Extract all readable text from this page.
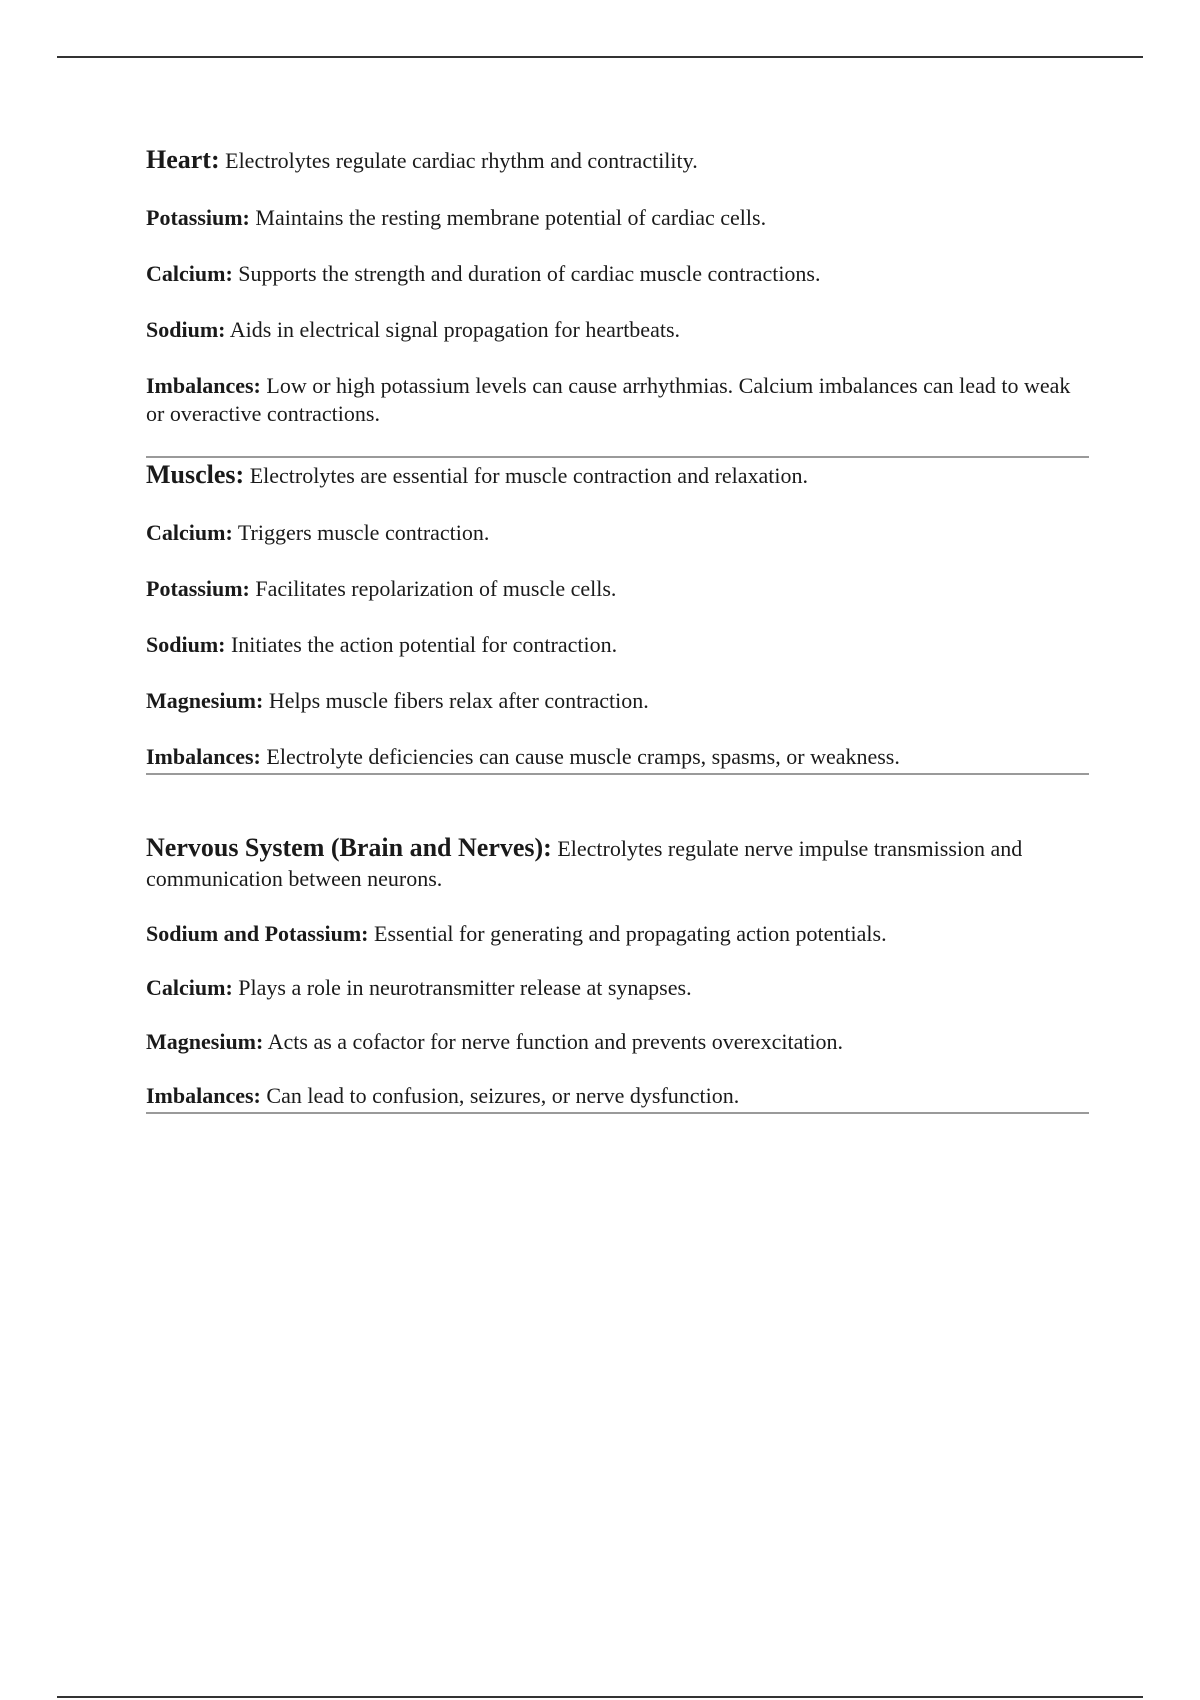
Heart: Electrolytes regulate cardiac rhythm and contractility.

Potassium: Maintains the resting membrane potential of cardiac cells.

Calcium: Supports the strength and duration of cardiac muscle contractions.

Sodium: Aids in electrical signal propagation for heartbeats.

Imbalances: Low or high potassium levels can cause arrhythmias. Calcium imbalances can lead to weak or overactive contractions.

Muscles: Electrolytes are essential for muscle contraction and relaxation.

Calcium: Triggers muscle contraction.

Potassium: Facilitates repolarization of muscle cells.

Sodium: Initiates the action potential for contraction.

Magnesium: Helps muscle fibers relax after contraction.

Imbalances: Electrolyte deficiencies can cause muscle cramps, spasms, or weakness.

Nervous System (Brain and Nerves): Electrolytes regulate nerve impulse transmission and communication between neurons.

Sodium and Potassium: Essential for generating and propagating action potentials.

Calcium: Plays a role in neurotransmitter release at synapses.

Magnesium: Acts as a cofactor for nerve function and prevents overexcitation.

Imbalances: Can lead to confusion, seizures, or nerve dysfunction.
